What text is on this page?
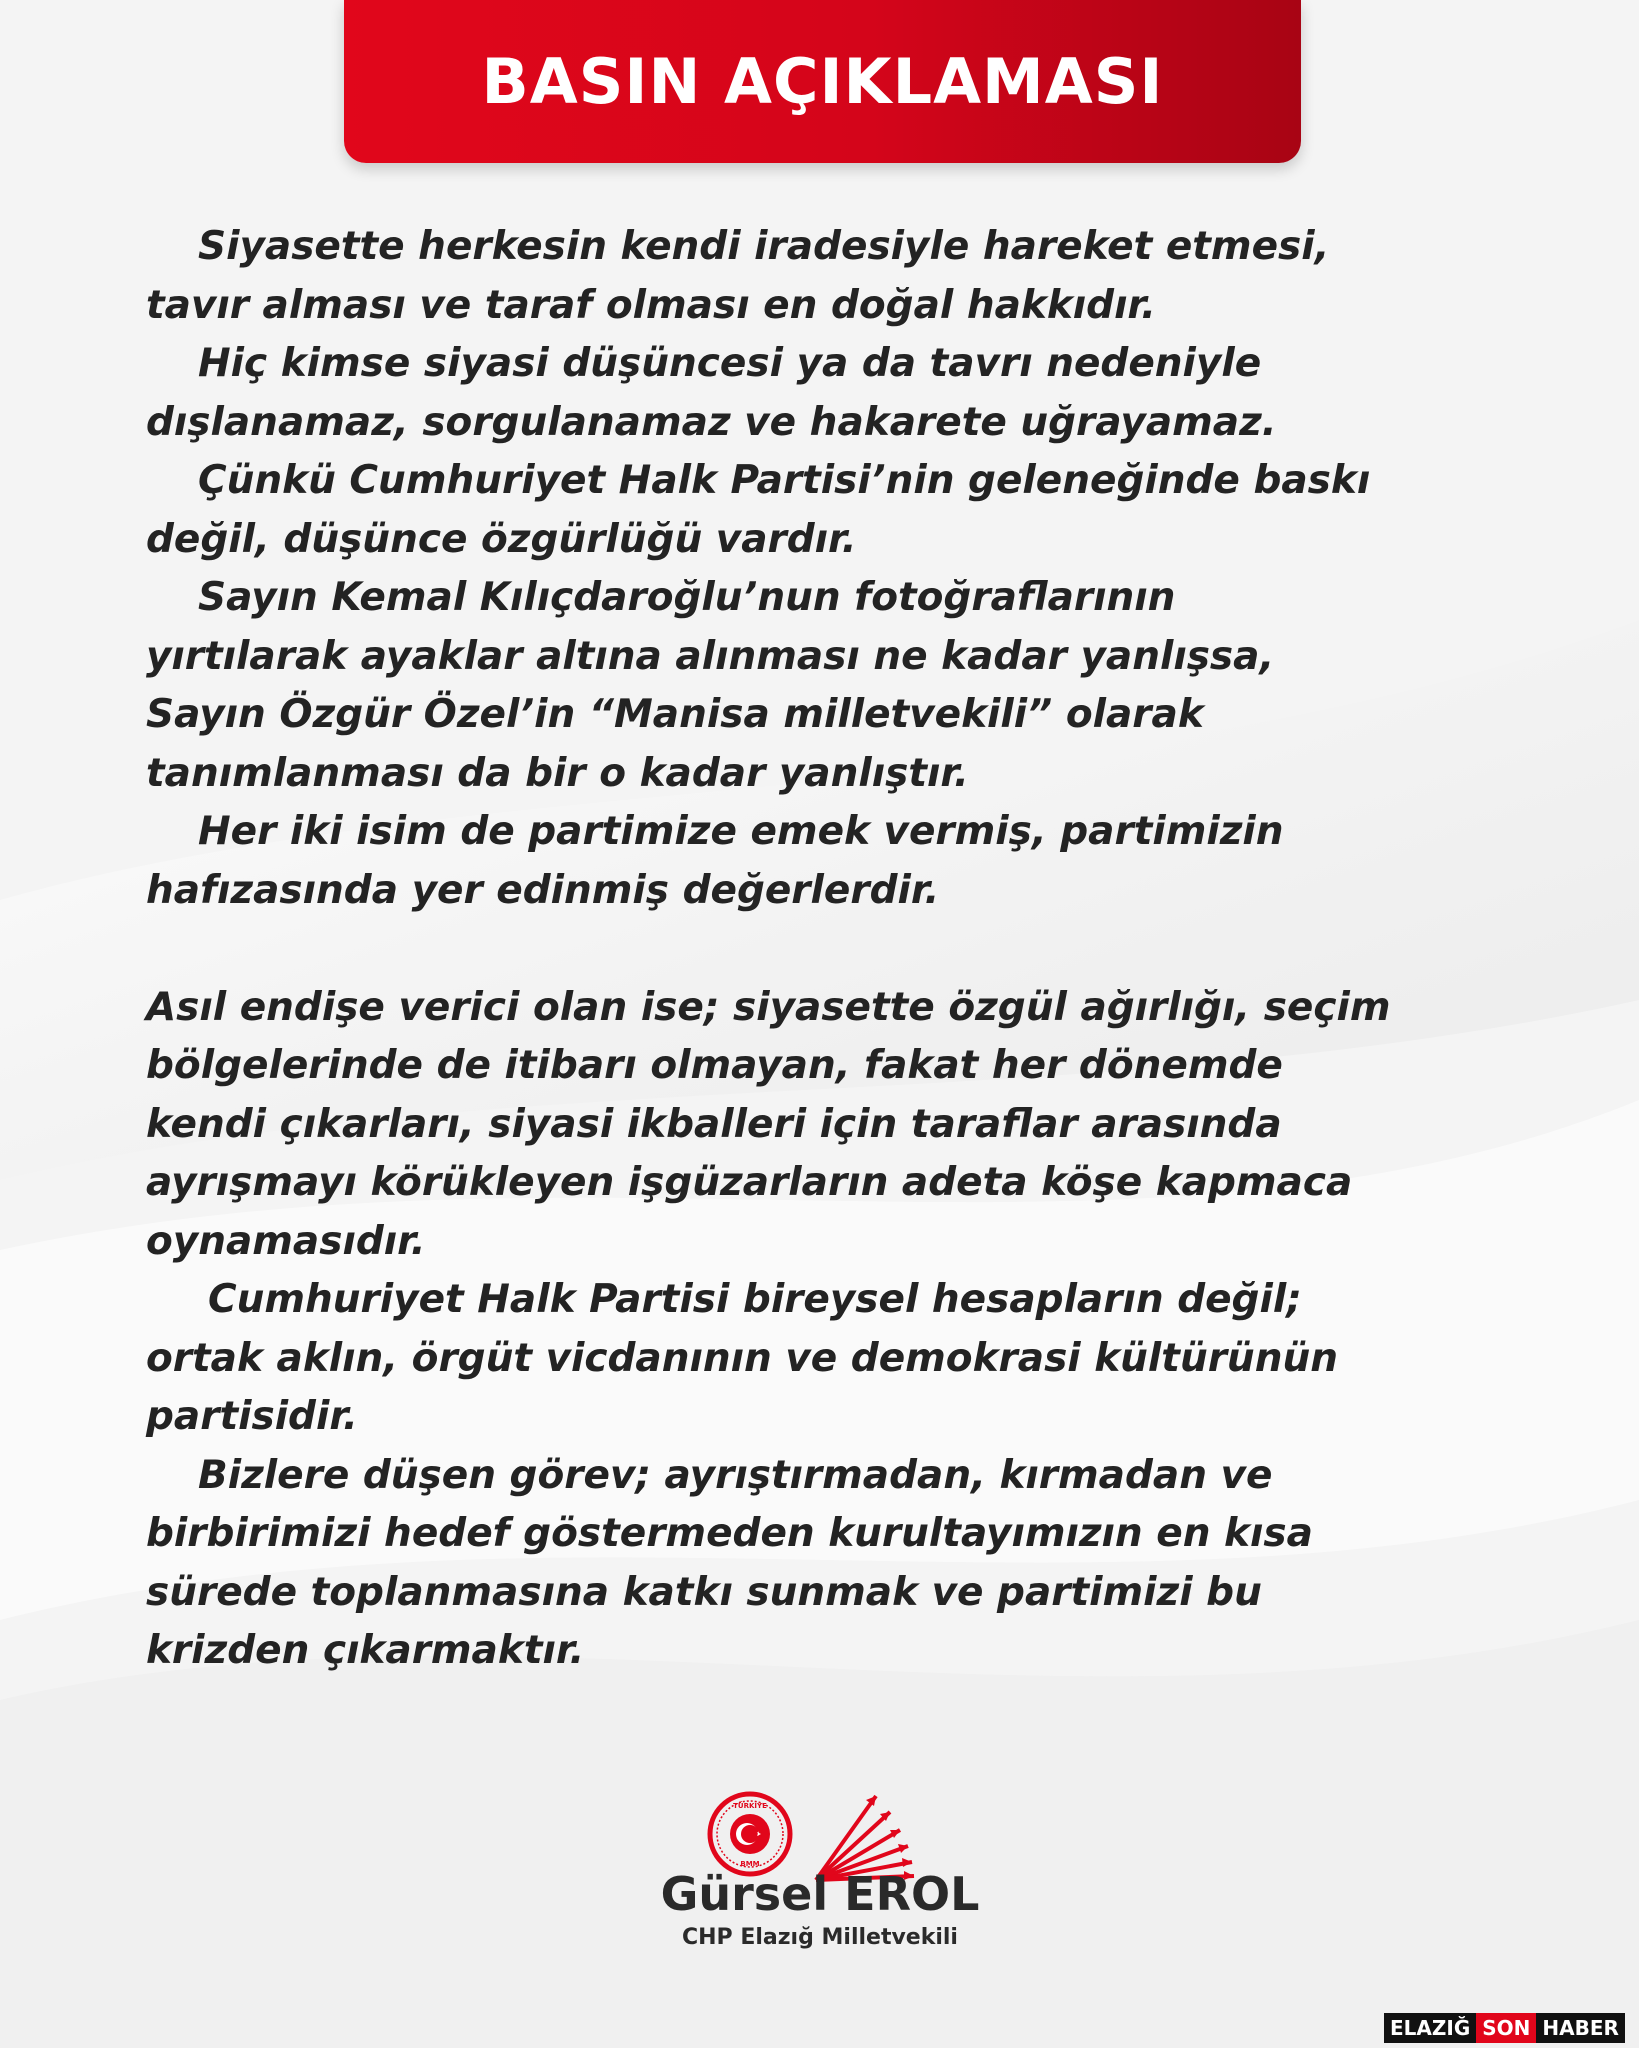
BASIN AÇIKLAMASI

Siyasette herkesin kendi iradesiyle hareket etmesi,
tavır alması ve taraf olması en doğal hakkıdır.

Hiç kimse siyasi düşüncesi ya da tavrı nedeniyle
dışlanamaz, sorgulanamaz ve hakarete uğrayamaz.

Çünkü Cumhuriyet Halk Partisi’nin geleneğinde baskı
değil, düşünce özgürlüğü vardır.

Sayın Kemal Kılıçdaroğlu’nun fotoğraflarının
yırtılarak ayaklar altına alınması ne kadar yanlışsa,
Sayın Özgür Özel’in “Manisa milletvekili” olarak
tanımlanması da bir o kadar yanlıştır.

Her iki isim de partimize emek vermiş, partimizin
hafızasında yer edinmiş değerlerdir.

Asıl endişe verici olan ise; siyasette özgül ağırlığı, seçim
bölgelerinde de itibarı olmayan, fakat her dönemde
kendi çıkarları, siyasi ikballeri için taraflar arasında
ayrışmayı körükleyen işgüzarların adeta köşe kapmaca
oynamasıdır.

Cumhuriyet Halk Partisi bireysel hesapların değil;
ortak aklın, örgüt vicdanının ve demokrasi kültürünün
partisidir.

Bizlere düşen görev; ayrıştırmadan, kırmadan ve
birbirimizi hedef göstermeden kurultayımızın en kısa
sürede toplanmasına katkı sunmak ve partimizi bu
krizden çıkarmaktır.

TÜRKİYE
BMM
Gürsel EROL
CHP Elazığ Milletvekili
ELAZIĞ SON HABER
